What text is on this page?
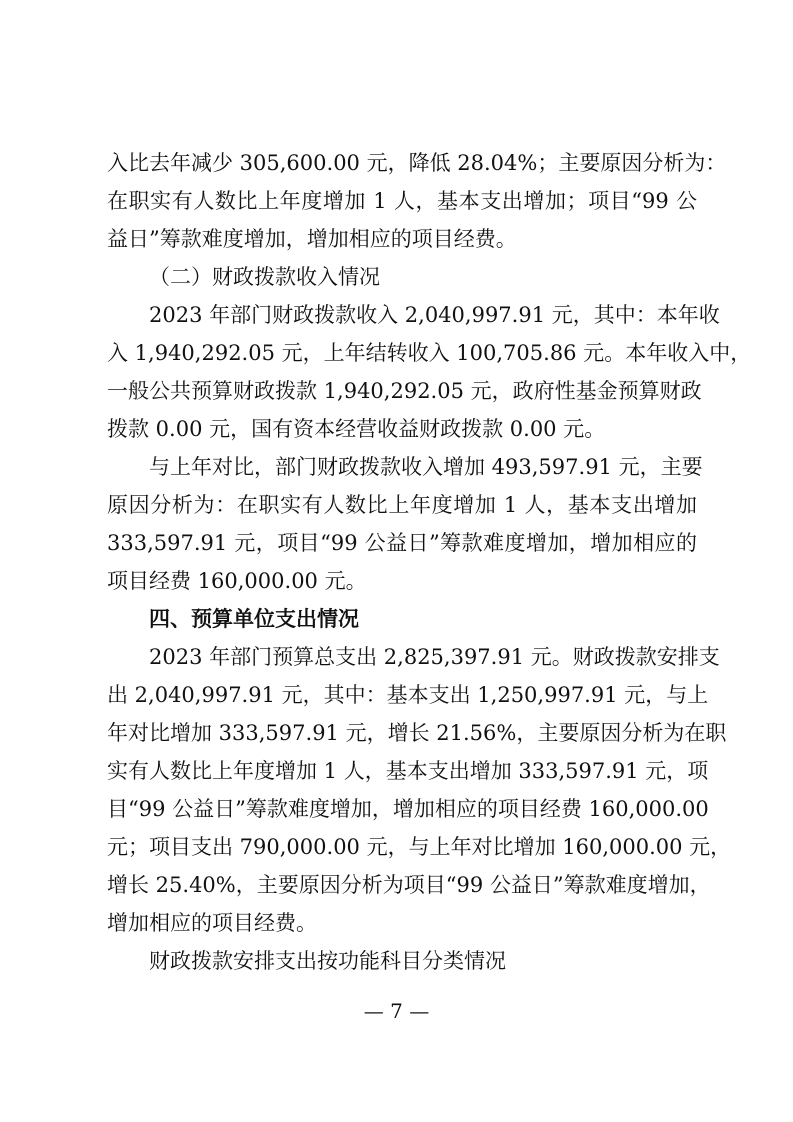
入比去年减少 305,600.00 元，降低 28.04%；主要原因分析为：
在职实有人数比上年度增加 1 人，基本支出增加；项目“99 公
益日”筹款难度增加，增加相应的项目经费。
（二）财政拨款收入情况
2023 年部门财政拨款收入 2,040,997.91 元，其中：本年收
入 1,940,292.05 元，上年结转收入 100,705.86 元。本年收入中，
一般公共预算财政拨款 1,940,292.05 元，政府性基金预算财政
拨款 0.00 元，国有资本经营收益财政拨款 0.00 元。
与上年对比，部门财政拨款收入增加 493,597.91 元，主要
原因分析为：在职实有人数比上年度增加 1 人，基本支出增加
333,597.91 元，项目“99 公益日”筹款难度增加，增加相应的
项目经费 160,000.00 元。
四、预算单位支出情况
2023 年部门预算总支出 2,825,397.91 元。财政拨款安排支
出 2,040,997.91 元，其中：基本支出 1,250,997.91 元，与上
年对比增加 333,597.91 元，增长 21.56%，主要原因分析为在职
实有人数比上年度增加 1 人，基本支出增加 333,597.91 元，项
目“99 公益日”筹款难度增加，增加相应的项目经费 160,000.00
元；项目支出 790,000.00 元，与上年对比增加 160,000.00 元，
增长 25.40%，主要原因分析为项目“99 公益日”筹款难度增加，
增加相应的项目经费。
财政拨款安排支出按功能科目分类情况
— 7 —
